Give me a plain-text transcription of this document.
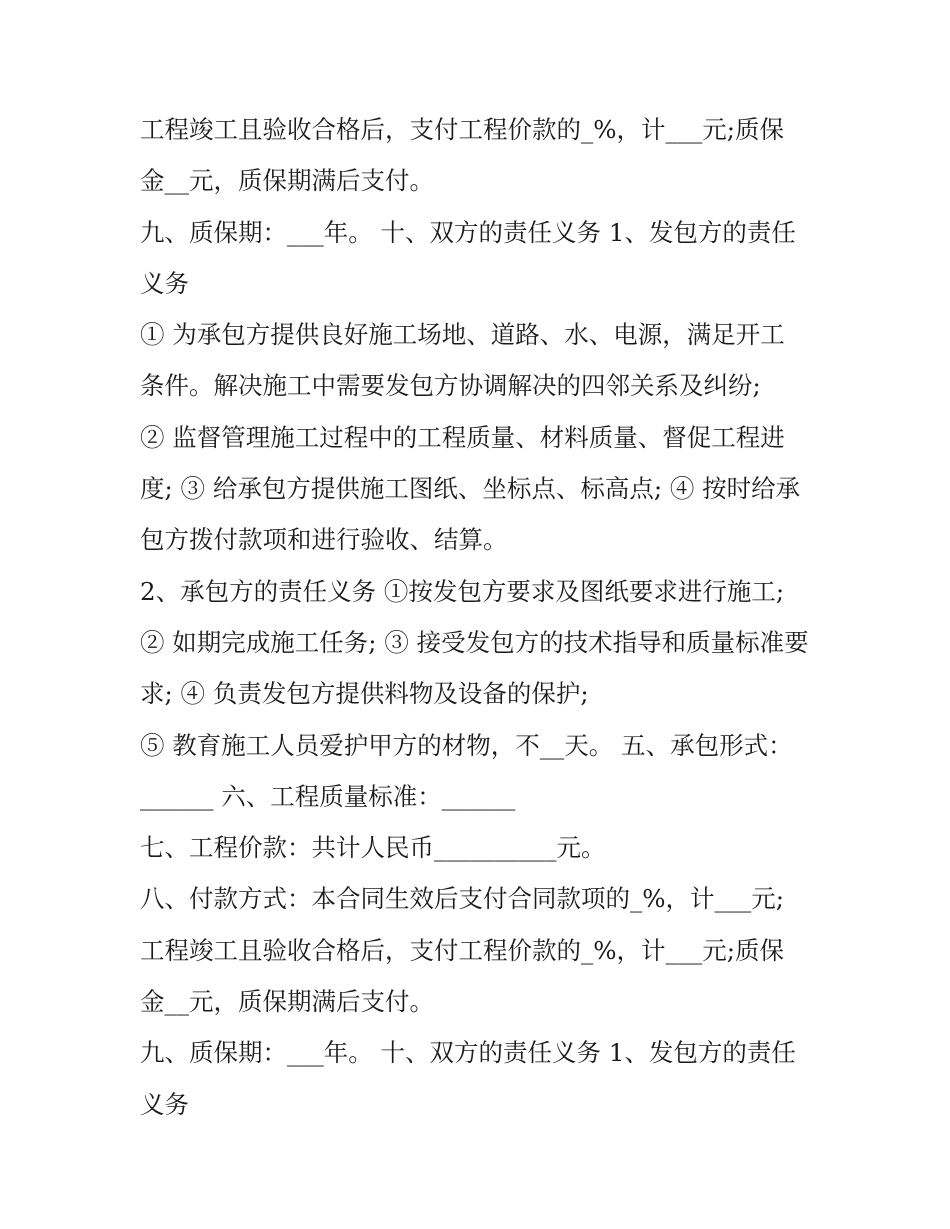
工程竣工且验收合格后，支付工程价款的_%，计___元;质保
金__元，质保期满后支付。
九、质保期：___年。 十、双方的责任义务 1、发包方的责任
义务
① 为承包方提供良好施工场地、道路、水、电源，满足开工
条件。解决施工中需要发包方协调解决的四邻关系及纠纷;
② 监督管理施工过程中的工程质量、材料质量、督促工程进
度; ③ 给承包方提供施工图纸、坐标点、标高点; ④ 按时给承
包方拨付款项和进行验收、结算。
2、承包方的责任义务 ①按发包方要求及图纸要求进行施工;
② 如期完成施工任务; ③ 接受发包方的技术指导和质量标准要
求; ④ 负责发包方提供料物及设备的保护;
⑤ 教育施工人员爱护甲方的材物，不__天。 五、承包形式：
______ 六、工程质量标准：______
七、工程价款：共计人民币__________元。
八、付款方式：本合同生效后支付合同款项的_%，计___元;
工程竣工且验收合格后，支付工程价款的_%，计___元;质保
金__元，质保期满后支付。
九、质保期：___年。 十、双方的责任义务 1、发包方的责任
义务
